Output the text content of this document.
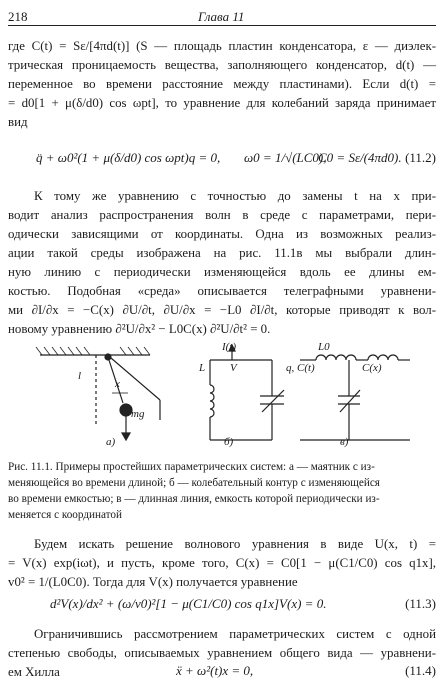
218	Глава 11
где C(t) = Sε/[4πd(t)] (S — площадь пластин конденсатора, ε — диэлек-
трическая проницаемость вещества, заполняющего конденсатор, d(t) —
переменное во времени расстояние между пластинами). Если d(t) =
= d0[1 + μ(δ/d0) cos ωpt], то уравнение для колебаний заряда принимает
вид
q̈ + ω0²(1 + μ(δ/d0) cos ωpt)q = 0, ω0 = 1/√(LC0),
C0 = Sε/(4πd0). (11.2)
К тому же уравнению с точностью до замены t на x при-
водит анализ распространения волн в среде с параметрами, пери-
одически зависящими от координаты. Одна из возможных реализ-
ации такой среды изображена на рис. 11.1в мы выбрали длин-
ную линию с периодически изменяющейся вдоль ее длины ем-
костью. Подобная «среда» описывается телеграфными уравнени-
ми ∂I/∂x = −C(x) ∂U/∂t, ∂U/∂x = −L0 ∂I/∂t, которые приводят к вол-
новому уравнению ∂²U/∂x² − L0C(x) ∂²U/∂t² = 0.
l
x
mg
I(t)
L V	q, C(t)
L0
C(x)
а)	б)	в)
Рис. 11.1. Примеры простейших параметрических систем: а — маятник с из-
меняющейся во времени длиной; б — колебательный контур с изменяющейся
во времени емкостью; в — длинная линия, емкость которой периодически из-
меняется с координатой
Будем искать решение волнового уравнения в виде U(x, t) =
= V(x) exp(iωt), и пусть, кроме того, C(x) = C0[1 − μ(C1/C0) cos q1x],
v0² = 1/(L0C0). Тогда для V(x) получается уравнение
d²V(x)/dx² + (ω/v0)²[1 − μ(C1/C0) cos q1x]V(x) = 0.	(11.3)
Ограничившись рассмотрением параметрических систем с одной
степенью свободы, описываемых уравнением общего вида — уравнени-
ем Хилла	ẍ + ω²(t)x = 0,	(11.4)
